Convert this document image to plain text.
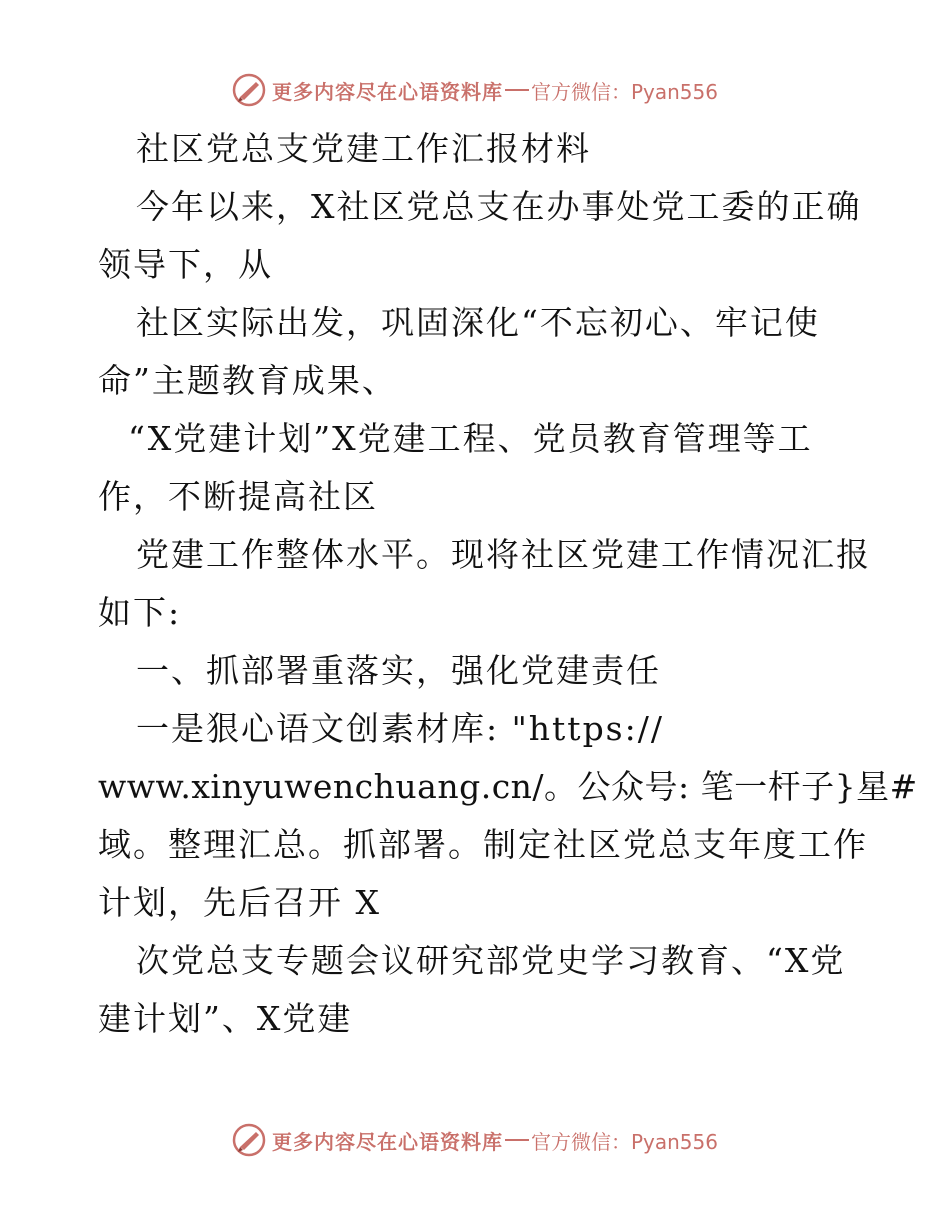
更多内容尽在心语资料库 官方微信：Pyan556
社区党总支党建工作汇报材料
今年以来，X社区党总支在办事处党工委的正确
领导下，从
社区实际出发，巩固深化“不忘初心、牢记使
命”主题教育成果、
“X党建计划”X党建工程、党员教育管理等工
作，不断提高社区
党建工作整体水平。现将社区党建工作情况汇报
如下:
一、抓部署重落实，强化党建责任
一是狠心语文创素材库: "https://
www.xinyuwenchuang.cn/。公众号: 笔一杆子}星#
域。整理汇总。抓部署。制定社区党总支年度工作
计划，先后召开 X
次党总支专题会议研究部党史学习教育、“X党
建计划”、X党建
更多内容尽在心语资料库 官方微信：Pyan556
